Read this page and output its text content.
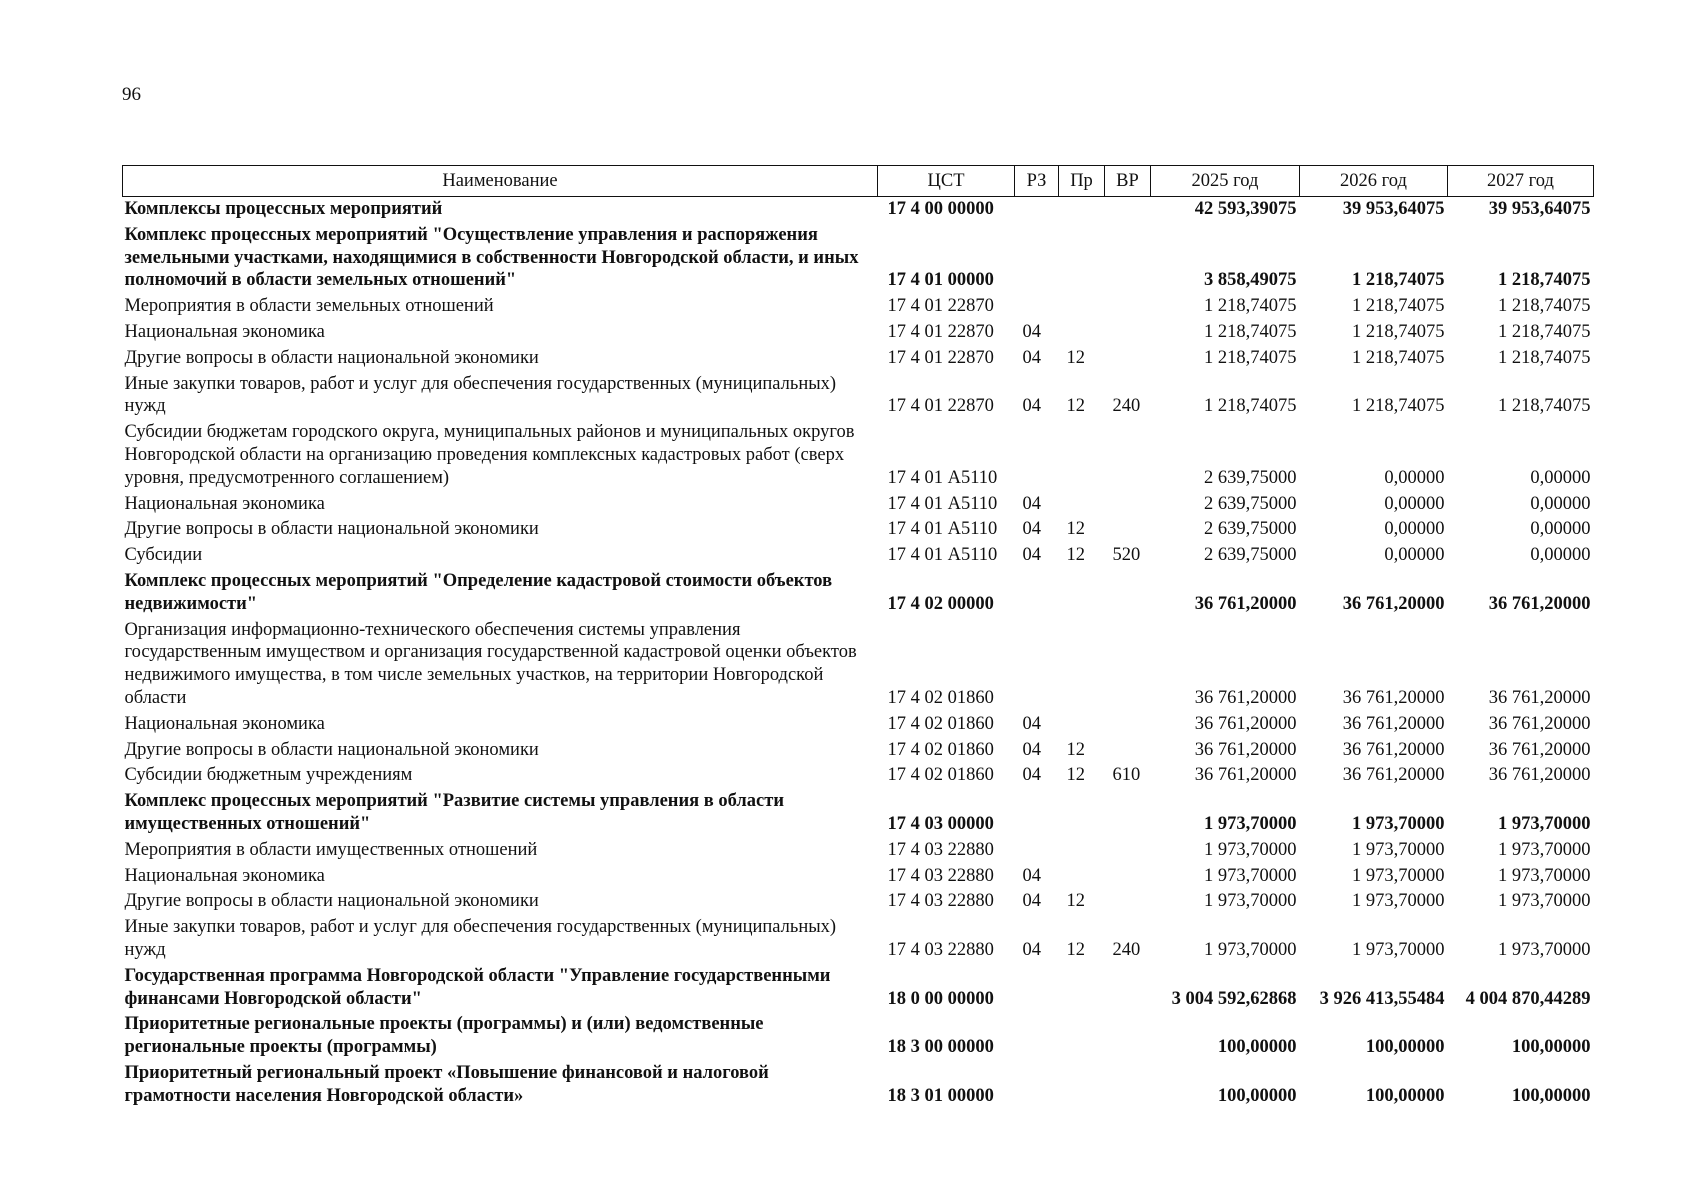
96
Наименование	ЦСТ	РЗ	Пр	ВР	2025 год	2026 год	2027 год
Комплексы процессных мероприятий	17 4 00 00000				42 593,39075	39 953,64075	39 953,64075
Комплекс процессных мероприятий "Осуществление управления и распоряжения земельными участками, находящимися в собственности Новгородской области, и иных полномочий в области земельных отношений"	17 4 01 00000				3 858,49075	1 218,74075	1 218,74075
Мероприятия в области земельных отношений	17 4 01 22870				1 218,74075	1 218,74075	1 218,74075
Национальная экономика	17 4 01 22870	04			1 218,74075	1 218,74075	1 218,74075
Другие вопросы в области национальной экономики	17 4 01 22870	04	12		1 218,74075	1 218,74075	1 218,74075
Иные закупки товаров, работ и услуг для обеспечения государственных (муниципальных) нужд	17 4 01 22870	04	12	240	1 218,74075	1 218,74075	1 218,74075
Субсидии бюджетам городского округа, муниципальных районов и муниципальных округов Новгородской области на организацию проведения комплексных кадастровых работ (сверх уровня, предусмотренного соглашением)	17 4 01 А5110				2 639,75000	0,00000	0,00000
Национальная экономика	17 4 01 А5110	04			2 639,75000	0,00000	0,00000
Другие вопросы в области национальной экономики	17 4 01 А5110	04	12		2 639,75000	0,00000	0,00000
Субсидии	17 4 01 А5110	04	12	520	2 639,75000	0,00000	0,00000
Комплекс процессных мероприятий "Определение кадастровой стоимости объектов недвижимости"	17 4 02 00000				36 761,20000	36 761,20000	36 761,20000
Организация информационно-технического обеспечения системы управления государственным имуществом и организация государственной кадастровой оценки объектов недвижимого имущества, в том числе земельных участков, на территории Новгородской области	17 4 02 01860				36 761,20000	36 761,20000	36 761,20000
Национальная экономика	17 4 02 01860	04			36 761,20000	36 761,20000	36 761,20000
Другие вопросы в области национальной экономики	17 4 02 01860	04	12		36 761,20000	36 761,20000	36 761,20000
Субсидии бюджетным учреждениям	17 4 02 01860	04	12	610	36 761,20000	36 761,20000	36 761,20000
Комплекс процессных мероприятий "Развитие системы управления в области имущественных отношений"	17 4 03 00000				1 973,70000	1 973,70000	1 973,70000
Мероприятия в области имущественных отношений	17 4 03 22880				1 973,70000	1 973,70000	1 973,70000
Национальная экономика	17 4 03 22880	04			1 973,70000	1 973,70000	1 973,70000
Другие вопросы в области национальной экономики	17 4 03 22880	04	12		1 973,70000	1 973,70000	1 973,70000
Иные закупки товаров, работ и услуг для обеспечения государственных (муниципальных) нужд	17 4 03 22880	04	12	240	1 973,70000	1 973,70000	1 973,70000
Государственная программа Новгородской области "Управление государственными финансами Новгородской области"	18 0 00 00000				3 004 592,62868	3 926 413,55484	4 004 870,44289
Приоритетные региональные проекты (программы) и (или) ведомственные региональные проекты (программы)	18 3 00 00000				100,00000	100,00000	100,00000
Приоритетный региональный проект «Повышение финансовой и налоговой грамотности населения Новгородской области»	18 3 01 00000				100,00000	100,00000	100,00000
